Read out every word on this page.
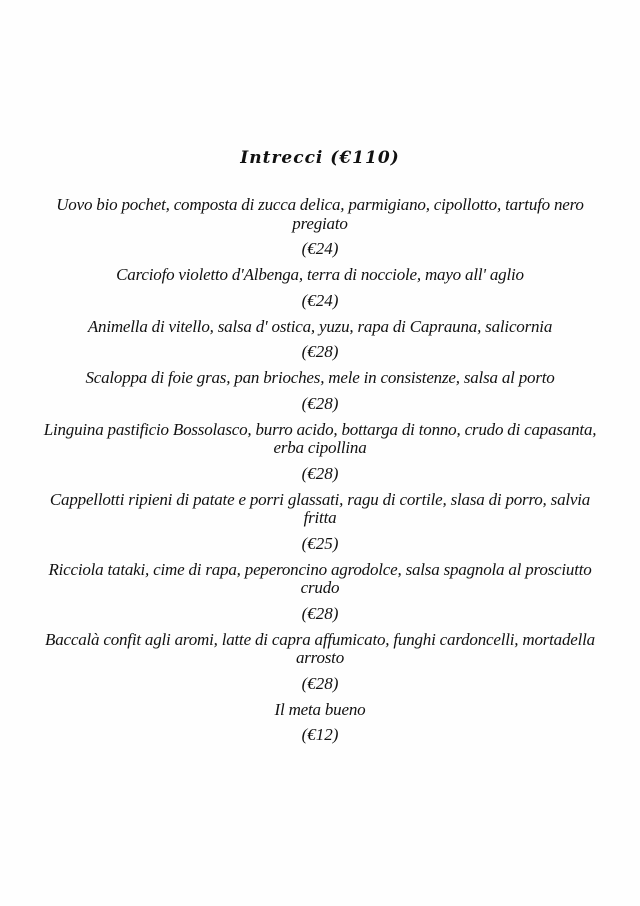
Intrecci (€110)

Uovo bio pochet, composta di zucca delica, parmigiano, cipollotto, tartufo nero pregiato

(€24)

Carciofo violetto d'Albenga, terra di nocciole, mayo all' aglio

(€24)

Animella di vitello, salsa d' ostica, yuzu, rapa di Caprauna, salicornia

(€28)

Scaloppa di foie gras, pan brioches, mele in consistenze, salsa al porto

(€28)

Linguina pastificio Bossolasco, burro acido, bottarga di tonno, crudo di capasanta, erba cipollina

(€28)

Cappellotti ripieni di patate e porri glassati, ragu di cortile, slasa di porro, salvia fritta

(€25)

Ricciola tataki, cime di rapa, peperoncino agrodolce, salsa spagnola al prosciutto crudo

(€28)

Baccalà confit agli aromi, latte di capra affumicato, funghi cardoncelli, mortadella arrosto

(€28)

Il meta bueno

(€12)
